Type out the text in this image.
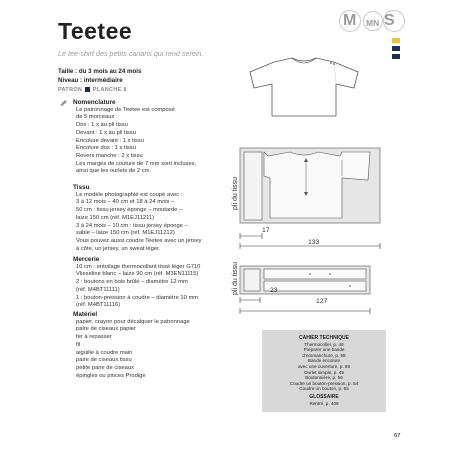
Teetee
Le tee-shirt des petits canaris qui rend serein.
Taille : du 3 mois au 24 mois
Niveau : intermédiaire
PATRON PLANCHE 8
M MN S
Nomenclature
Le patronnage de Teetee est composé
de 5 morceaux :
Dos : 1 x au pli tissu
Devant : 1 x au pli tissu
Encolure devant : 1 x tissu
Encolure dos : 1 x tissu
Revers manche : 2 x tissu
Les marges de couture de 7 mm sont incluses,
ainsi que les ourlets de 2 cm.
Tissu
Le modèle photographié est coupé avec :
3 à 12 mois – 40 cm et 18 à 24 mois –
50 cm : tissu jersey éponge – moutarde –
laize 150 cm (réf. M1EJ11211)
3 à 24 mois – 10 cm : tissu jersey éponge –
sable – laize 150 cm (réf. M1EJ11212)
Vous pouvez aussi coudre Teetee avec un jersey
à côte, un jersey, un sweat léger.
Mercerie
10 cm : entoilage thermocollant tissé léger G710
Vlieseline blanc – laize 90 cm (réf. M3EN11115)
2 : boutons en bois brûlé – diamètre 12 mm
(réf. M4BT11111)
1 : bouton-pression à coudre – diamètre 10 mm
(réf. M4BT11116)
Matériel
papier, crayon pour décalquer le patronnage
paire de ciseaux papier
fer à repasser
fil
aiguille à coudre main
paire de ciseaux tissu
petite paire de ciseaux
épingles ou pinces Prodige
pli du tissu
17
133
pli du tissu	23
127
CAHIER TECHNIQUE
Thermocoller, p. 48
Préparer une bande
d’emmanchure, p. 68
Bande encolure
avec une ouverture, p. 69
Ourlet simple, p. 49
Boutonnière, p. 56
Coudre un bouton-pression, p. 54
Coudre un bouton, p. 55
GLOSSAIRE
Rentré, p. 409
67
